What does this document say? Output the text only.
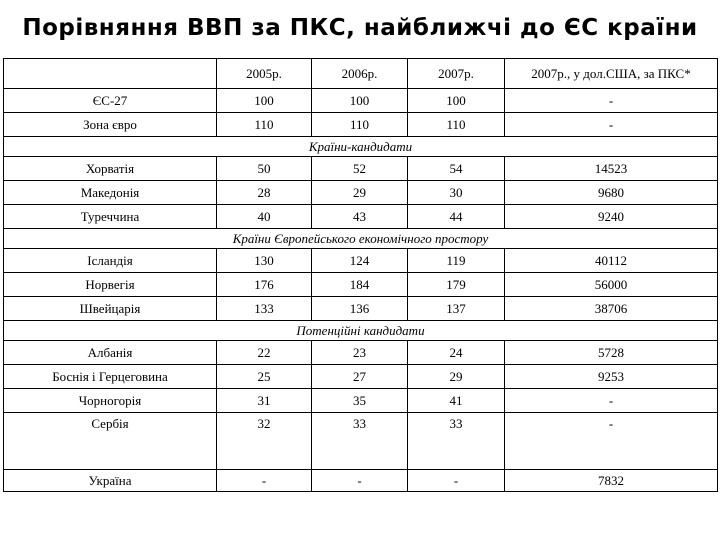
Порівняння ВВП за ПКС, найближчі до ЄС країни
	2005р.	2006р.	2007р.	2007р., у дол.США, за ПКС*
ЄС-27	100	100	100	-
Зона євро	110	110	110	-
Країни-кандидати				
Хорватія	50	52	54	14523
Македонія	28	29	30	9680
Туреччина	40	43	44	9240
Країни Європейського економічного простору				
Ісландія	130	124	119	40112
Норвегія	176	184	179	56000
Швейцарія	133	136	137	38706
Потенційні кандидати				
Албанія	22	23	24	5728
Боснія і Герцеговина	25	27	29	9253
Чорногорія	31	35	41	-
Сербія	32	33	33	-
Україна	-	-	-	7832
